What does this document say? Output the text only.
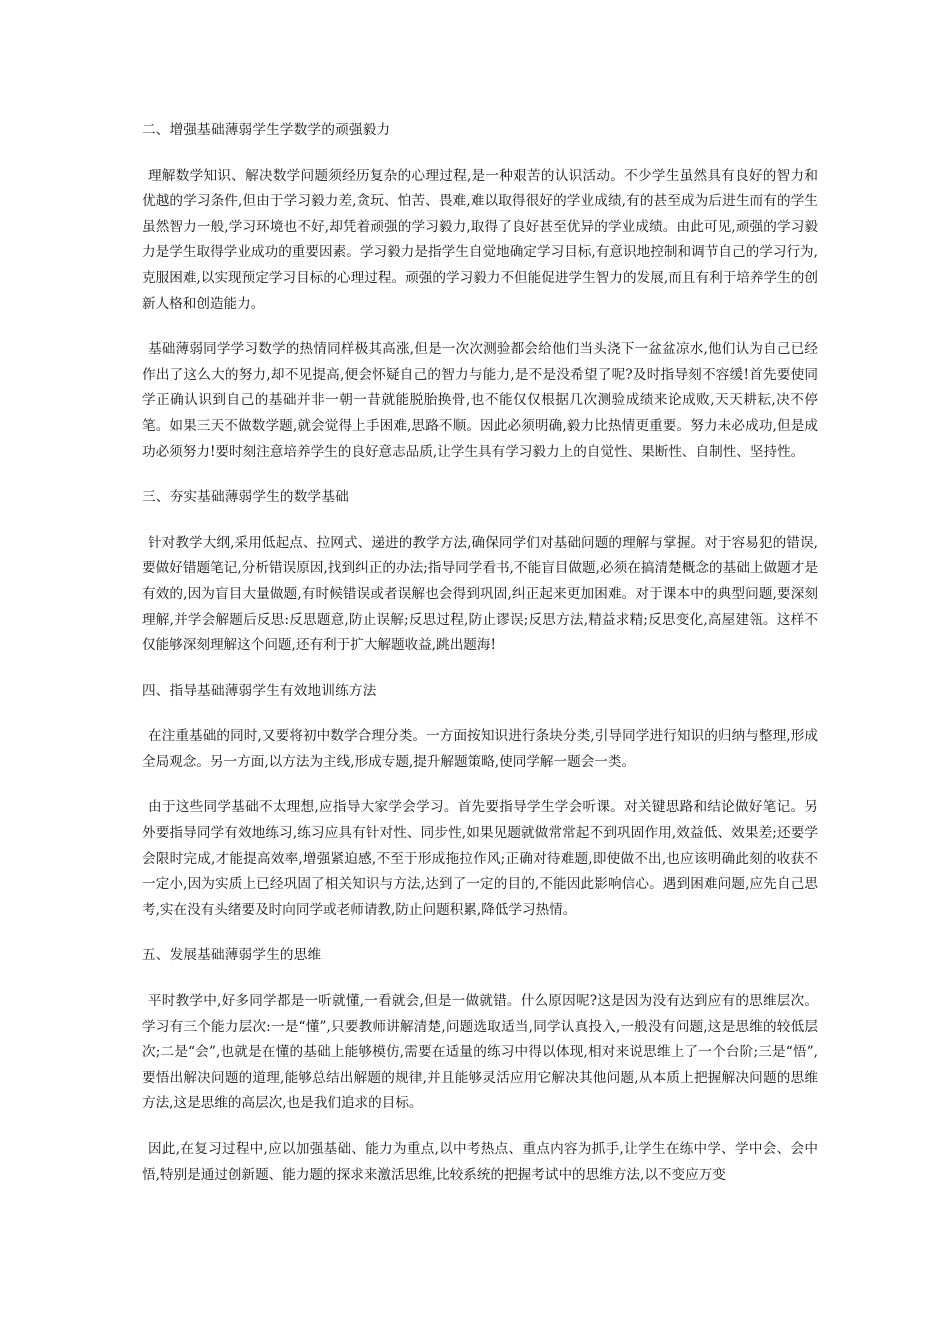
二、增强基础薄弱学生学数学的顽强毅力

理解数学知识、解决数学问题须经历复杂的心理过程,是一种艰苦的认识活动。不少学生虽然具有良好的智力和优越的学习条件,但由于学习毅力差,贪玩、怕苦、畏难,难以取得很好的学业成绩,有的甚至成为后进生而有的学生虽然智力一般,学习环境也不好,却凭着顽强的学习毅力,取得了良好甚至优异的学业成绩。由此可见,顽强的学习毅力是学生取得学业成功的重要因素。学习毅力是指学生自觉地确定学习目标,有意识地控制和调节自己的学习行为,克服困难,以实现预定学习目标的心理过程。顽强的学习毅力不但能促进学生智力的发展,而且有利于培养学生的创新人格和创造能力。

基础薄弱同学学习数学的热情同样极其高涨,但是一次次测验都会给他们当头浇下一盆盆凉水,他们认为自己已经作出了这么大的努力,却不见提高,便会怀疑自己的智力与能力,是不是没希望了呢?及时指导刻不容缓!首先要使同学正确认识到自己的基础并非一朝一昔就能脱胎换骨,也不能仅仅根据几次测验成绩来论成败,天天耕耘,决不停笔。如果三天不做数学题,就会觉得上手困难,思路不顺。因此必须明确,毅力比热情更重要。努力未必成功,但是成功必须努力!要时刻注意培养学生的良好意志品质,让学生具有学习毅力上的自觉性、果断性、自制性、坚持性。

三、夯实基础薄弱学生的数学基础

针对教学大纲,采用低起点、拉网式、递进的教学方法,确保同学们对基础问题的理解与掌握。对于容易犯的错误,要做好错题笔记,分析错误原因,找到纠正的办法;指导同学看书,不能盲目做题,必须在搞清楚概念的基础上做题才是有效的,因为盲目大量做题,有时候错误或者误解也会得到巩固,纠正起来更加困难。对于课本中的典型问题,要深刻理解,并学会解题后反思:反思题意,防止误解;反思过程,防止谬误;反思方法,精益求精;反思变化,高屋建瓴。这样不仅能够深刻理解这个问题,还有利于扩大解题收益,跳出题海!

四、指导基础薄弱学生有效地训练方法

在注重基础的同时,又要将初中数学合理分类。一方面按知识进行条块分类,引导同学进行知识的归纳与整理,形成全局观念。另一方面,以方法为主线,形成专题,提升解题策略,使同学解一题会一类。

由于这些同学基础不太理想,应指导大家学会学习。首先要指导学生学会听课。对关键思路和结论做好笔记。另外要指导同学有效地练习,练习应具有针对性、同步性,如果见题就做常常起不到巩固作用,效益低、效果差;还要学会限时完成,才能提高效率,增强紧迫感,不至于形成拖拉作风;正确对待难题,即使做不出,也应该明确此刻的收获不一定小,因为实质上已经巩固了相关知识与方法,达到了一定的目的,不能因此影响信心。遇到困难问题,应先自己思考,实在没有头绪要及时向同学或老师请教,防止问题积累,降低学习热情。

五、发展基础薄弱学生的思维

平时教学中,好多同学都是一听就懂,一看就会,但是一做就错。什么原因呢?这是因为没有达到应有的思维层次。学习有三个能力层次:一是“懂”,只要教师讲解清楚,问题选取适当,同学认真投入,一般没有问题,这是思维的较低层次;二是“会”,也就是在懂的基础上能够模仿,需要在适量的练习中得以体现,相对来说思维上了一个台阶;三是“悟”,要悟出解决问题的道理,能够总结出解题的规律,并且能够灵活应用它解决其他问题,从本质上把握解决问题的思维方法,这是思维的高层次,也是我们追求的目标。

因此,在复习过程中,应以加强基础、能力为重点,以中考热点、重点内容为抓手,让学生在练中学、学中会、会中悟,特别是通过创新题、能力题的探求来激活思维,比较系统的把握考试中的思维方法,以不变应万变
